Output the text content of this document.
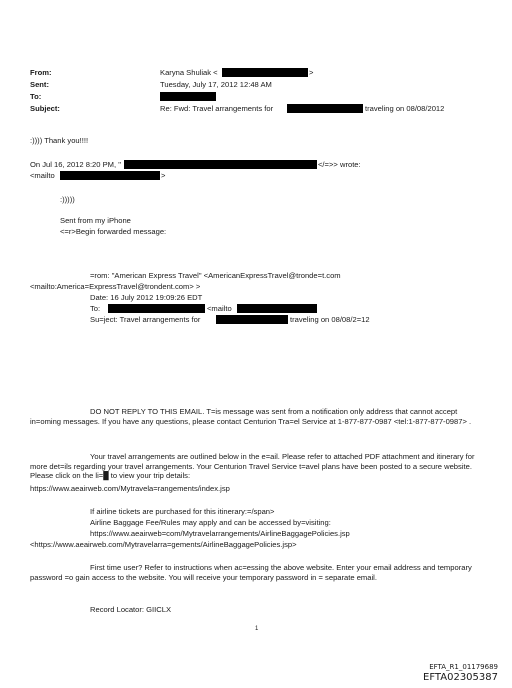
From:	Karyna Shuliak <	>
Sent:	Tuesday, July 17, 2012 12:48 AM
To:
Subject:	Re: Fwd: Travel arrangements for	traveling on 08/08/2012
:)))) Thank you!!!!
On Jul 16, 2012 8:20 PM, "	</=>> wrote:
<mailto	>
:)))))
Sent from my iPhone
<=r>Begin forwarded message:
=rom: "American Express Travel" <AmericanExpressTravel@tronde=t.com
<mailto:America=ExpressTravel@trondent.com> >
Date: 16 July 2012 19:09:26 EDT
To:	<mailto
Su=ject: Travel arrangements for	traveling on 08/08/2=12
DO NOT REPLY TO THIS EMAIL. T=is message was sent from a notification only address that cannot accept in=oming messages. If you have any questions, please contact Centurion Tra=el Service at 1-877-877-0987 <tel:1-877-877-0987> .
Your travel arrangements are outlined below in the e=ail. Please refer to attached PDF attachment and itinerary for more det=ils regarding your travel arrangements. Your Centurion Travel Service t=avel plans have been posted to a secure website. Please click on the li=█ to view your trip details:
https://www.aeairweb.com/Mytravela=rangements/index.jsp
If airline tickets are purchased for this itinerary:=/span>
Airline Baggage Fee/Rules may apply and can be accessed by=visiting:
https://www.aeairweb=com/Mytravelarrangements/AirlineBaggagePolicies.jsp
<https://www.aeairweb.com/Mytravelarra=gements/AirlineBaggagePolicies.jsp>
First time user? Refer to instructions when ac=essing the above website. Enter your email address and temporary password =o gain access to the website. You will receive your temporary password in = separate email.
Record Locator: GIICLX
1
EFTA_R1_01179689
EFTA02305387
